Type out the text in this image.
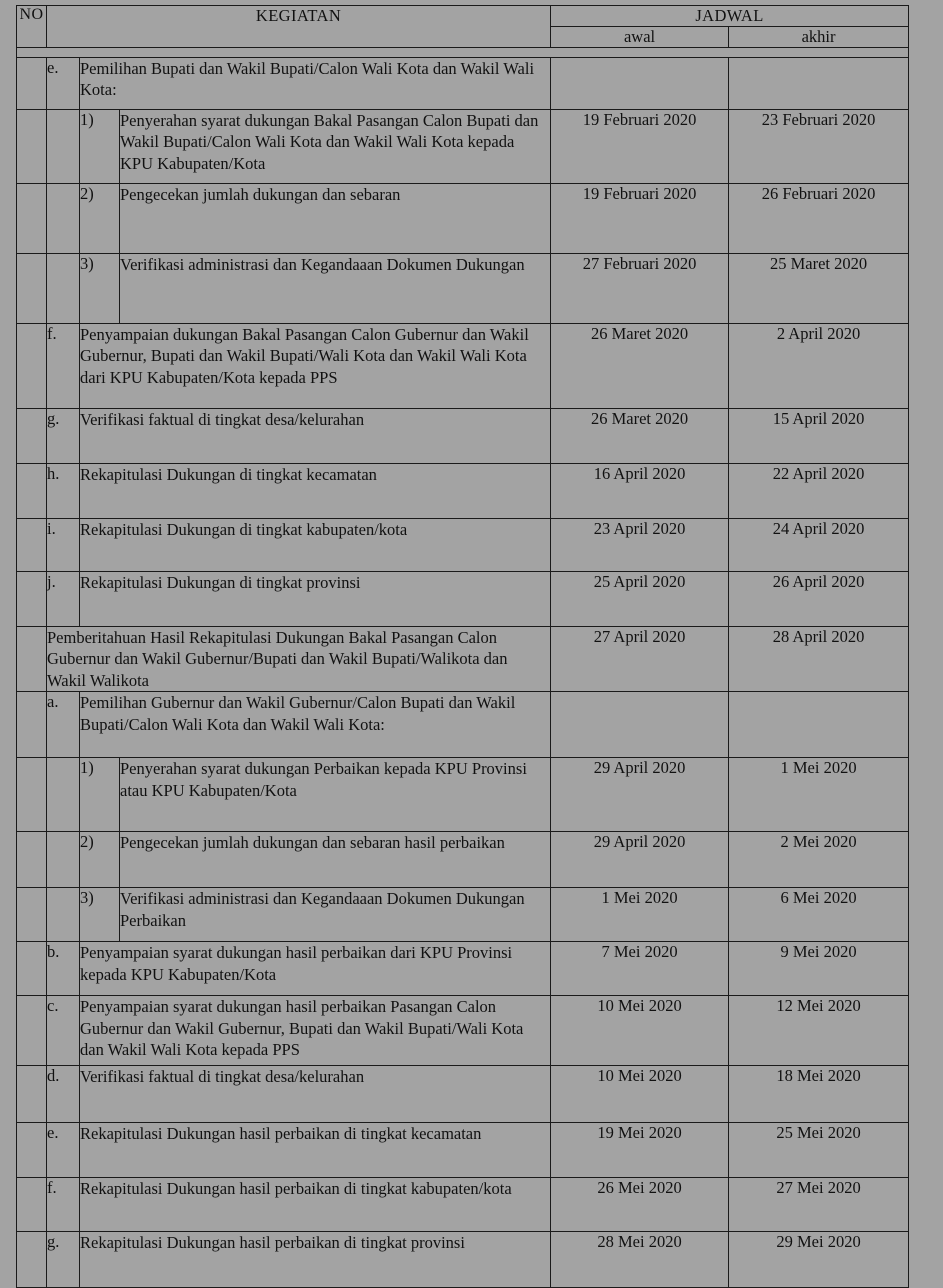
NO	KEGIATAN			JADWAL	
				awal	akhir

	e.	Pemilihan Bupati dan Wakil Bupati/Calon Wali Kota dan Wakil Wali Kota:			
		1)	Penyerahan syarat dukungan Bakal Pasangan Calon Bupati dan Wakil Bupati/Calon Wali Kota dan Wakil Wali Kota kepada KPU Kabupaten/Kota	19 Februari 2020	23 Februari 2020
		2)	Pengecekan jumlah dukungan dan sebaran	19 Februari 2020	26 Februari 2020
		3)	Verifikasi administrasi dan Kegandaaan Dokumen Dukungan	27 Februari 2020	25 Maret 2020
	f.	Penyampaian dukungan Bakal Pasangan Calon Gubernur dan Wakil Gubernur, Bupati dan Wakil Bupati/Wali Kota dan Wakil Wali Kota dari KPU Kabupaten/Kota kepada PPS		26 Maret 2020	2 April 2020
	g.	Verifikasi faktual di tingkat desa/kelurahan		26 Maret 2020	15 April 2020
	h.	Rekapitulasi Dukungan di tingkat kecamatan		16 April 2020	22 April 2020
	i.	Rekapitulasi Dukungan di tingkat kabupaten/kota		23 April 2020	24 April 2020
	j.	Rekapitulasi Dukungan di tingkat provinsi		25 April 2020	26 April 2020
	Pemberitahuan Hasil Rekapitulasi Dukungan Bakal Pasangan Calon Gubernur dan Wakil Gubernur/Bupati dan Wakil Bupati/Walikota dan Wakil Walikota			27 April 2020	28 April 2020
	a.	Pemilihan Gubernur dan Wakil Gubernur/Calon Bupati dan Wakil Bupati/Calon Wali Kota dan Wakil Wali Kota:			
		1)	Penyerahan syarat dukungan Perbaikan kepada KPU Provinsi atau KPU Kabupaten/Kota	29 April 2020	1 Mei 2020
		2)	Pengecekan jumlah dukungan dan sebaran hasil perbaikan	29 April 2020	2 Mei 2020
		3)	Verifikasi administrasi dan Kegandaaan Dokumen Dukungan Perbaikan	1 Mei 2020	6 Mei 2020
	b.	Penyampaian syarat dukungan hasil perbaikan dari KPU Provinsi kepada KPU Kabupaten/Kota		7 Mei 2020	9 Mei 2020
	c.	Penyampaian syarat dukungan hasil perbaikan Pasangan Calon Gubernur dan Wakil Gubernur, Bupati dan Wakil Bupati/Wali Kota dan Wakil Wali Kota kepada PPS		10 Mei 2020	12 Mei 2020
	d.	Verifikasi faktual di tingkat desa/kelurahan		10 Mei 2020	18 Mei 2020
	e.	Rekapitulasi Dukungan hasil perbaikan di tingkat kecamatan		19 Mei 2020	25 Mei 2020
	f.	Rekapitulasi Dukungan hasil perbaikan di tingkat kabupaten/kota		26 Mei 2020	27 Mei 2020
	g.	Rekapitulasi Dukungan hasil perbaikan di tingkat provinsi		28 Mei 2020	29 Mei 2020
